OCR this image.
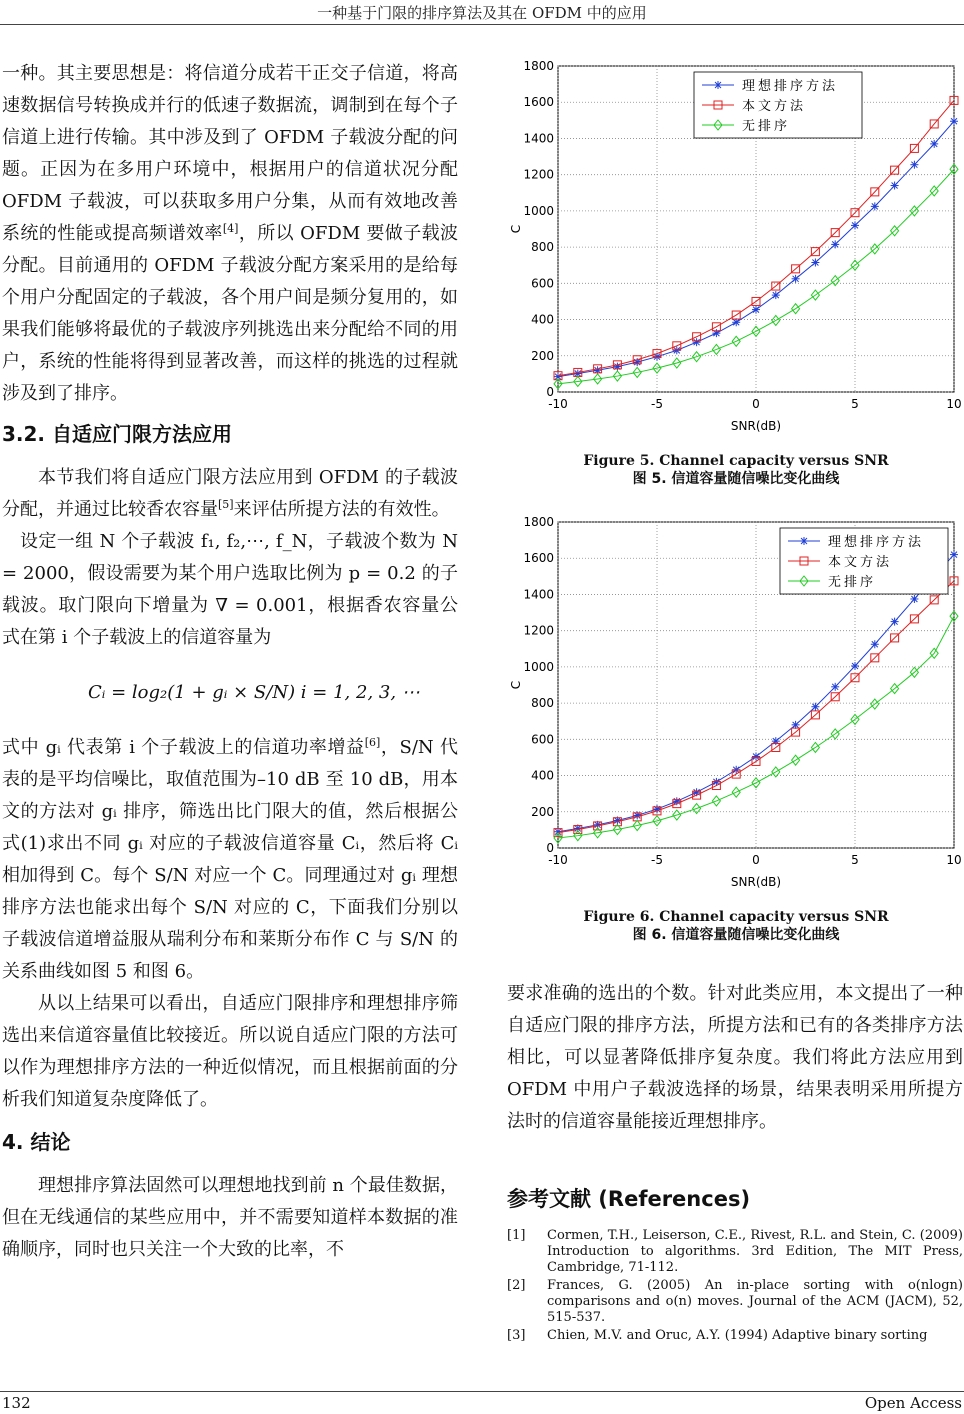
一种基于门限的排序算法及其在 OFDM 中的应用

一种。其主要思想是：将信道分成若干正交子信道，将高速数据信号转换成并行的低速子数据流，调制到在每个子信道上进行传输。其中涉及到了 OFDM 子载波分配的问题。正因为在多用户环境中，根据用户的信道状况分配 OFDM 子载波，可以获取多用户分集，从而有效地改善系统的性能或提高频谱效率[4]，所以 OFDM 要做子载波分配。目前通用的 OFDM 子载波分配方案采用的是给每个用户分配固定的子载波，各个用户间是频分复用的，如果我们能够将最优的子载波序列挑选出来分配给不同的用户，系统的性能将得到显著改善，而这样的挑选的过程就涉及到了排序。

3.2. 自适应门限方法应用

本节我们将自适应门限方法应用到 OFDM 的子载波分配，并通过比较香农容量[5]来评估所提方法的有效性。

设定一组 N 个子载波 f₁, f₂,⋯, f_N，子载波个数为 N = 2000，假设需要为某个用户选取比例为 p = 0.2 的子载波。取门限向下增量为 ∇ = 0.001，根据香农容量公式在第 i 个子载波上的信道容量为

Cᵢ = log₂(1 + gᵢ × S/N) i = 1, 2, 3, ⋯

式中 gᵢ 代表第 i 个子载波上的信道功率增益[6]，S/N 代表的是平均信噪比，取值范围为–10 dB 至 10 dB，用本文的方法对 gᵢ 排序，筛选出比门限大的值，然后根据公式(1)求出不同 gᵢ 对应的子载波信道容量 Cᵢ，然后将 Cᵢ 相加得到 C。每个 S/N 对应一个 C。同理通过对 gᵢ 理想排序方法也能求出每个 S/N 对应的 C，下面我们分别以子载波信道增益服从瑞利分布和莱斯分布作 C 与 S/N 的关系曲线如图 5 和图 6。

从以上结果可以看出，自适应门限排序和理想排序筛选出来信道容量值比较接近。所以说自适应门限的方法可以作为理想排序方法的一种近似情况，而且根据前面的分析我们知道复杂度降低了。

4. 结论

理想排序算法固然可以理想地找到前 n 个最佳数据，但在无线通信的某些应用中，并不需要知道样本数据的准确顺序，同时也只关注一个大致的比率，不

-10	-5	0	5	10
0
200
400
600
800
1000
1200
1400
1600
1800
SNR(dB)
C
理想排序方法
本文方法
无排序
Figure 5. Channel capacity versus SNR
图 5. 信道容量随信噪比变化曲线
-10	-5	0	5	10
0
200
400
600
800
1000
1200
1400
1600
1800
SNR(dB)
C
理想排序方法
本文方法
无排序
Figure 6. Channel capacity versus SNR
图 6. 信道容量随信噪比变化曲线
要求准确的选出的个数。针对此类应用，本文提出了一种自适应门限的排序方法，所提方法和已有的各类排序方法相比，可以显著降低排序复杂度。我们将此方法应用到 OFDM 中用户子载波选择的场景，结果表明采用所提方法时的信道容量能接近理想排序。
参考文献 (References)
[1]	Cormen, T.H., Leiserson, C.E., Rivest, R.L. and Stein, C. (2009) Introduction to algorithms. 3rd Edition, The MIT Press, Cambridge, 71-112.
[2]	Frances, G. (2005) An in-place sorting with o(nlogn) comparisons and o(n) moves. Journal of the ACM (JACM), 52, 515-537.
[3]	Chien, M.V. and Oruc, A.Y. (1994) Adaptive binary sorting
132	Open Access
